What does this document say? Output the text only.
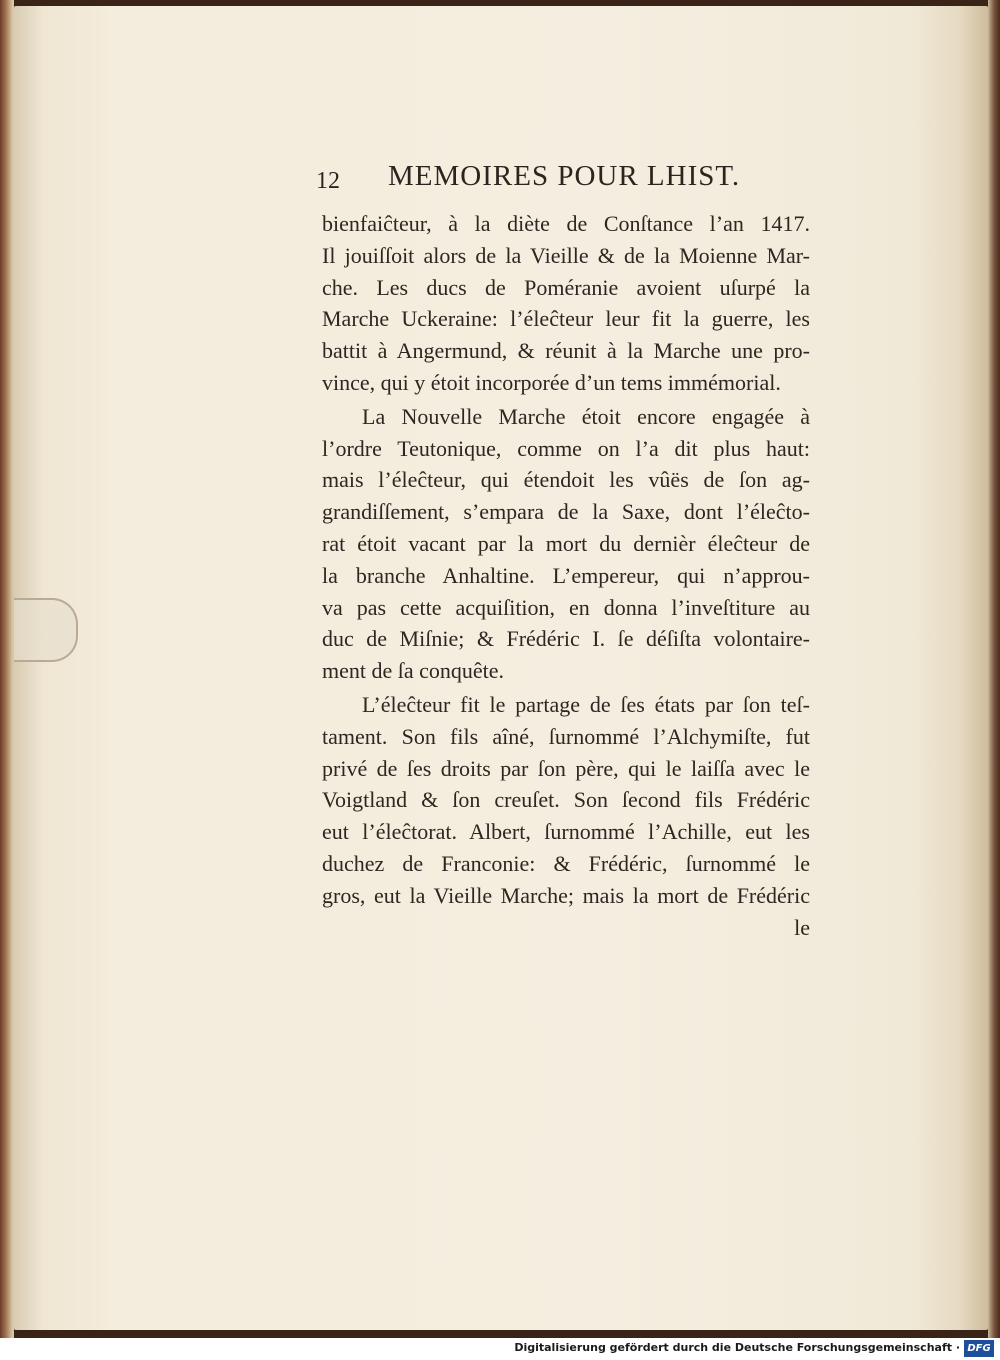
12 MEMOIRES POUR LHIST.
bienfaiĉteur, à la diète de Conſtance l’an 1417.
Il jouiſſoit alors de la Vieille & de la Moienne Mar-
che. Les ducs de Poméranie avoient uſurpé la
Marche Uckeraine: l’éleĉteur leur fit la guerre, les
battit à Angermund, & réunit à la Marche une pro-
vince, qui y étoit incorporée d’un tems immémorial.
La Nouvelle Marche étoit encore engagée à
l’ordre Teutonique, comme on l’a dit plus haut:
mais l’éleĉteur, qui étendoit les vûës de ſon ag-
grandiſſement, s’empara de la Saxe, dont l’éleĉto-
rat étoit vacant par la mort du dernièr éleĉteur de
la branche Anhaltine. L’empereur, qui n’approu-
va pas cette acquiſition, en donna l’inveſtiture au
duc de Miſnie; & Frédéric I. ſe déſiſta volontaire-
ment de ſa conquête.
L’éleĉteur fit le partage de ſes états par ſon teſ-
tament. Son fils aîné, ſurnommé l’Alchymiſte, fut
privé de ſes droits par ſon père, qui le laiſſa avec le
Voigtland & ſon creuſet. Son ſecond fils Frédéric
eut l’éleĉtorat. Albert, ſurnommé l’Achille, eut les
duchez de Franconie: & Frédéric, ſurnommé le
gros, eut la Vieille Marche; mais la mort de Frédéric
le
Digitalisierung gefördert durch die Deutsche Forschungsgemeinschaft · DFG
